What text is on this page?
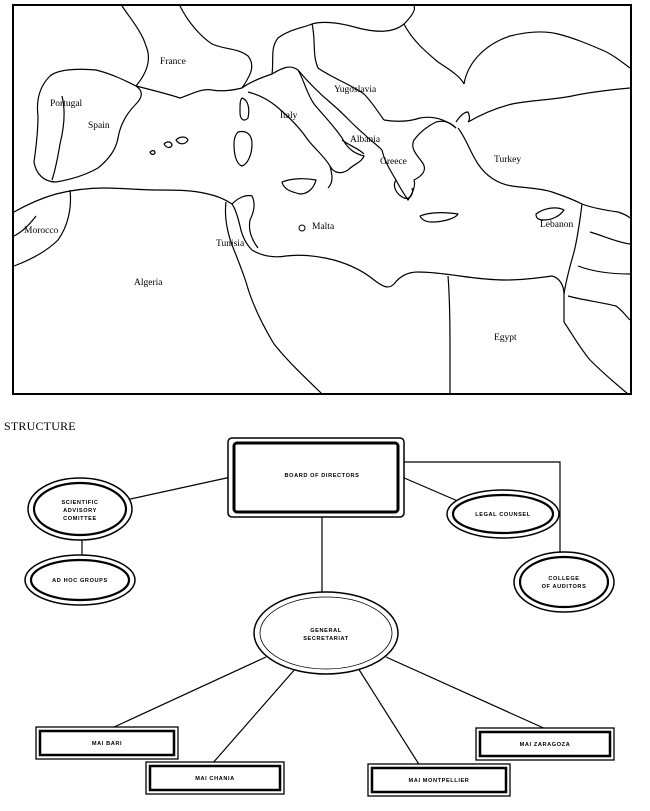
France
Portugal
Spain
Italy
Yugoslavia
Albania
Greece	Turkey
Morocco
Tunisia
Malta	Lebanon
Algeria
Egypt
STRUCTURE
BOARD OF DIRECTORS
SCIENTIFIC
ADVISORY
COMITTEE
AD HOC GROUPS
LEGAL COUNSEL
COLLEGE
OF AUDITORS
GENERAL
SECRETARIAT
MAI BARI
MAI CHANIA	MAI MONTPELLIER
MAI ZARAGOZA
